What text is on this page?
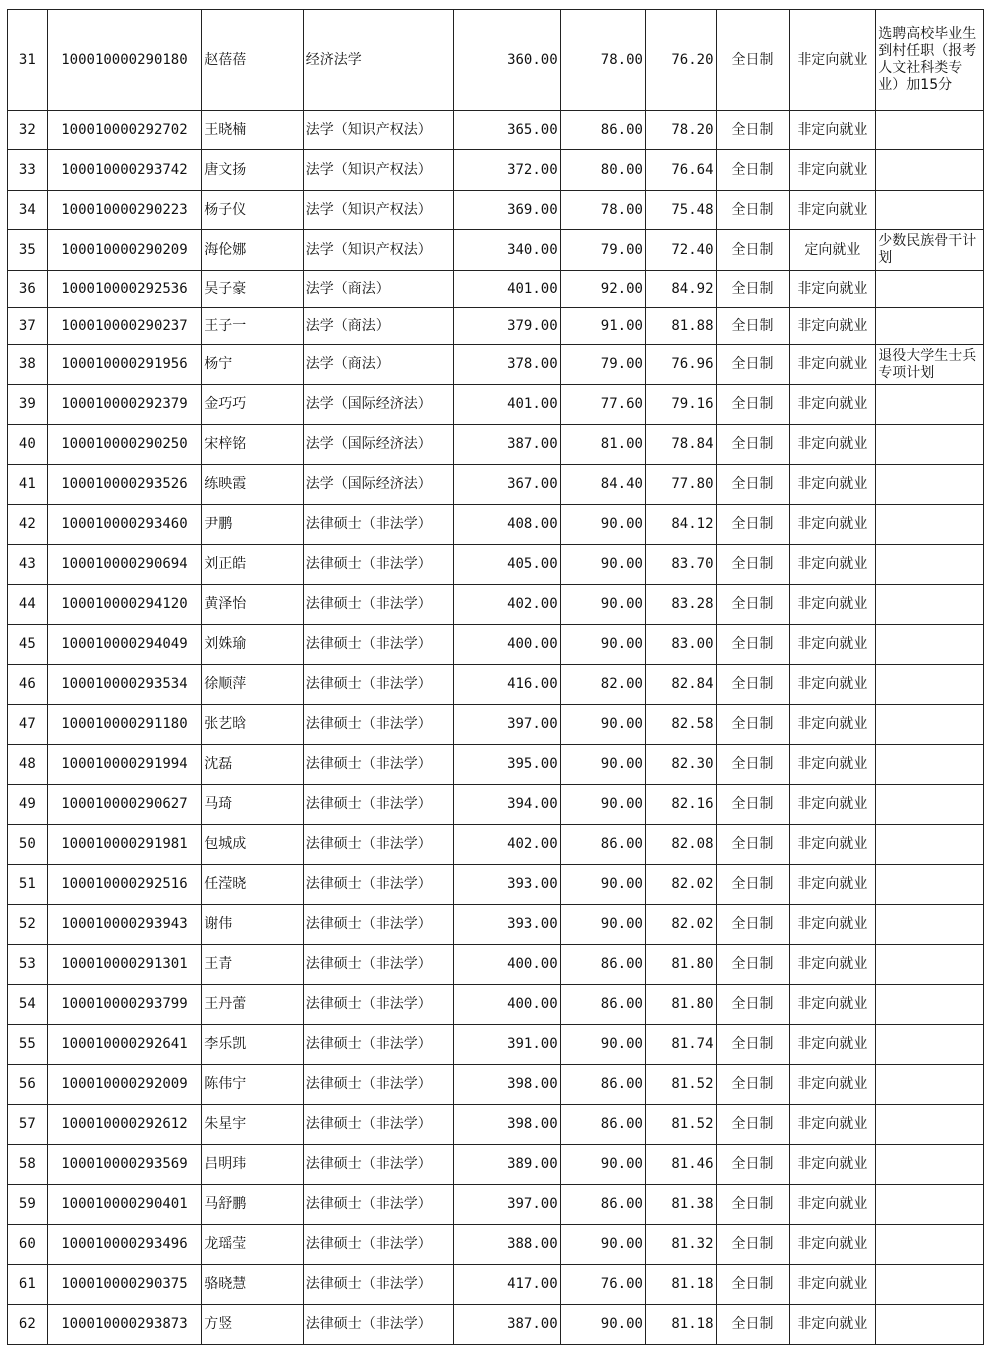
31	100010000290180	赵蓓蓓	经济法学	360.00	78.00	76.20	全日制	非定向就业	选聘高校毕业生到村任职（报考人文社科类专业）加15分
32	100010000292702	王晓楠	法学（知识产权法）	365.00	86.00	78.20	全日制	非定向就业	
33	100010000293742	唐文扬	法学（知识产权法）	372.00	80.00	76.64	全日制	非定向就业	
34	100010000290223	杨子仪	法学（知识产权法）	369.00	78.00	75.48	全日制	非定向就业	
35	100010000290209	海伦娜	法学（知识产权法）	340.00	79.00	72.40	全日制	定向就业	少数民族骨干计划
36	100010000292536	吴子豪	法学（商法）	401.00	92.00	84.92	全日制	非定向就业	
37	100010000290237	王子一	法学（商法）	379.00	91.00	81.88	全日制	非定向就业	
38	100010000291956	杨宁	法学（商法）	378.00	79.00	76.96	全日制	非定向就业	退役大学生士兵专项计划
39	100010000292379	金巧巧	法学（国际经济法）	401.00	77.60	79.16	全日制	非定向就业	
40	100010000290250	宋梓铭	法学（国际经济法）	387.00	81.00	78.84	全日制	非定向就业	
41	100010000293526	练映霞	法学（国际经济法）	367.00	84.40	77.80	全日制	非定向就业	
42	100010000293460	尹鹏	法律硕士（非法学）	408.00	90.00	84.12	全日制	非定向就业	
43	100010000290694	刘正皓	法律硕士（非法学）	405.00	90.00	83.70	全日制	非定向就业	
44	100010000294120	黄泽怡	法律硕士（非法学）	402.00	90.00	83.28	全日制	非定向就业	
45	100010000294049	刘姝瑜	法律硕士（非法学）	400.00	90.00	83.00	全日制	非定向就业	
46	100010000293534	徐顺萍	法律硕士（非法学）	416.00	82.00	82.84	全日制	非定向就业	
47	100010000291180	张艺晗	法律硕士（非法学）	397.00	90.00	82.58	全日制	非定向就业	
48	100010000291994	沈磊	法律硕士（非法学）	395.00	90.00	82.30	全日制	非定向就业	
49	100010000290627	马琦	法律硕士（非法学）	394.00	90.00	82.16	全日制	非定向就业	
50	100010000291981	包城成	法律硕士（非法学）	402.00	86.00	82.08	全日制	非定向就业	
51	100010000292516	任滢晓	法律硕士（非法学）	393.00	90.00	82.02	全日制	非定向就业	
52	100010000293943	谢伟	法律硕士（非法学）	393.00	90.00	82.02	全日制	非定向就业	
53	100010000291301	王青	法律硕士（非法学）	400.00	86.00	81.80	全日制	非定向就业	
54	100010000293799	王丹蕾	法律硕士（非法学）	400.00	86.00	81.80	全日制	非定向就业	
55	100010000292641	李乐凯	法律硕士（非法学）	391.00	90.00	81.74	全日制	非定向就业	
56	100010000292009	陈伟宁	法律硕士（非法学）	398.00	86.00	81.52	全日制	非定向就业	
57	100010000292612	朱星宇	法律硕士（非法学）	398.00	86.00	81.52	全日制	非定向就业	
58	100010000293569	吕明玮	法律硕士（非法学）	389.00	90.00	81.46	全日制	非定向就业	
59	100010000290401	马舒鹏	法律硕士（非法学）	397.00	86.00	81.38	全日制	非定向就业	
60	100010000293496	龙瑶莹	法律硕士（非法学）	388.00	90.00	81.32	全日制	非定向就业	
61	100010000290375	骆晓慧	法律硕士（非法学）	417.00	76.00	81.18	全日制	非定向就业	
62	100010000293873	方竖	法律硕士（非法学）	387.00	90.00	81.18	全日制	非定向就业	
